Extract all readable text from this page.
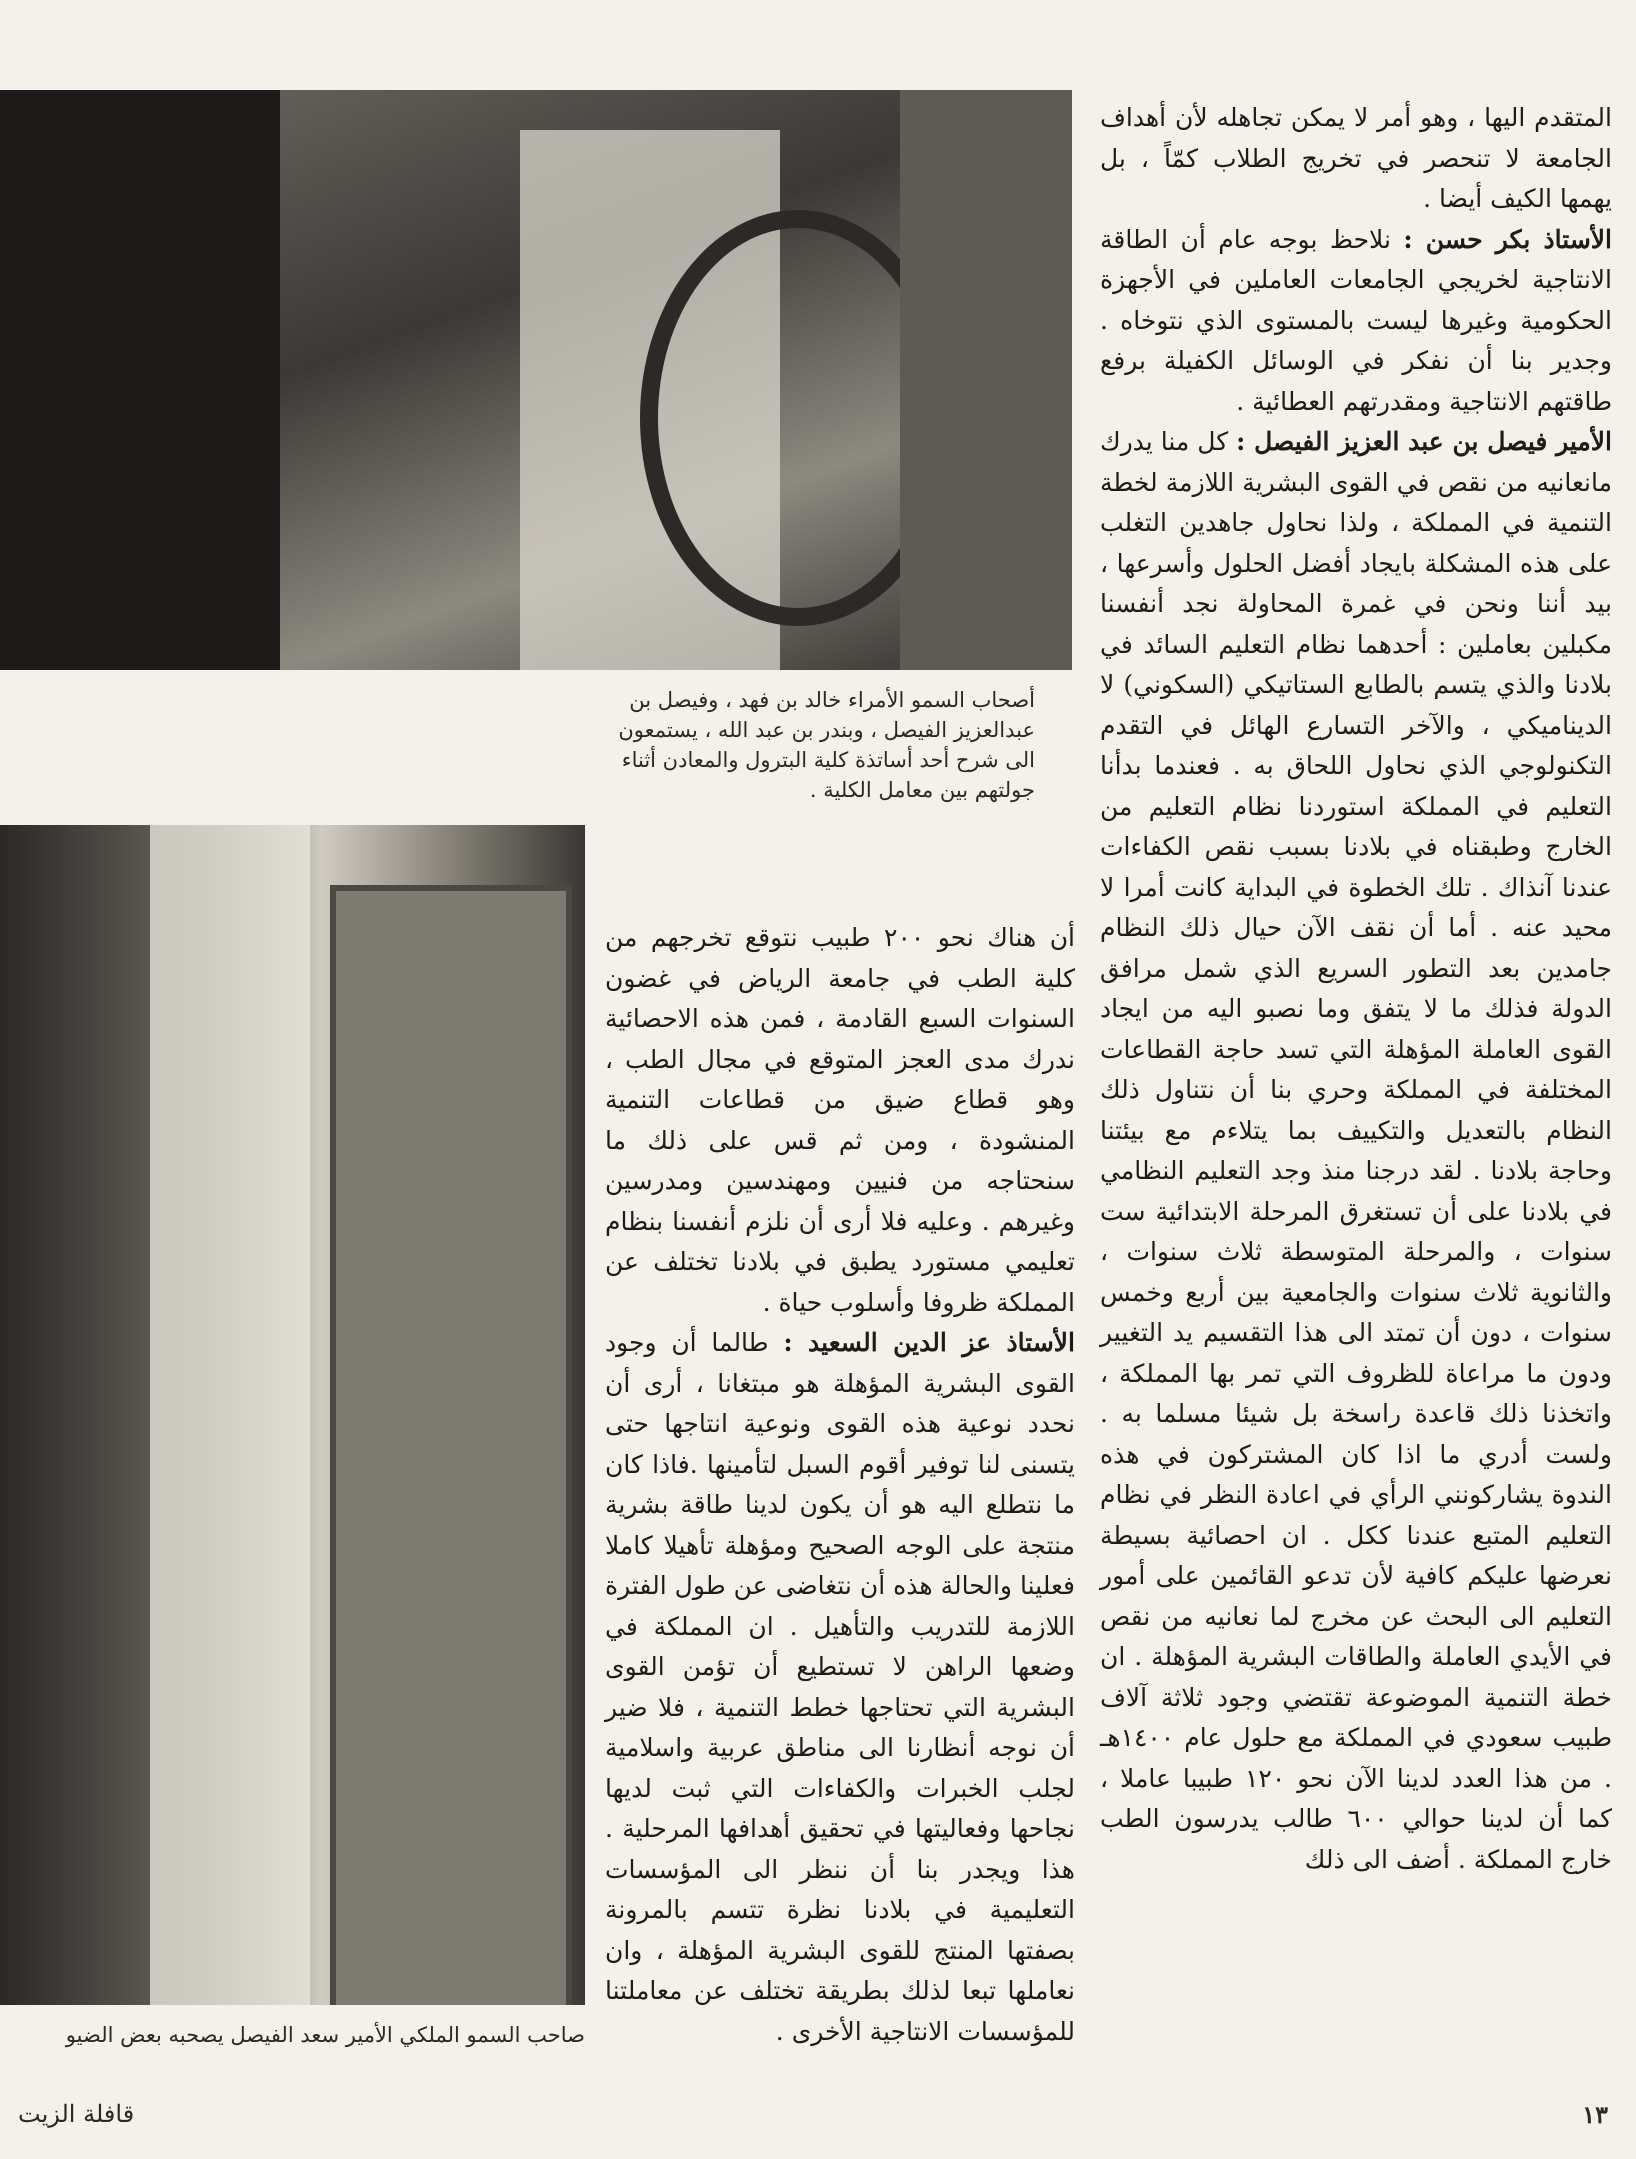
أصحاب السمو الأمراء خالد بن فهد ، وفيصل بن عبدالعزيز الفيصل ، وبندر بن عبد الله ، يستمعون الى شرح أحد أساتذة كلية البترول والمعادن أثناء جولتهم بين معامل الكلية .
صاحب السمو الملكي الأمير سعد الفيصل يصحبه بعض الضيو

المتقدم اليها ، وهو أمر لا يمكن تجاهله لأن أهداف الجامعة لا تنحصر في تخريج الطلاب كمّاً ، بل يهمها الكيف أيضا .

الأستاذ بكر حسن : نلاحظ بوجه عام أن الطاقة الانتاجية لخريجي الجامعات العاملين في الأجهزة الحكومية وغيرها ليست بالمستوى الذي نتوخاه . وجدير بنا أن نفكر في الوسائل الكفيلة برفع طاقتهم الانتاجية ومقدرتهم العطائية .

الأمير فيصل بن عبد العزيز الفيصل : كل منا يدرك مانعانيه من نقص في القوى البشرية اللازمة لخطة التنمية في المملكة ، ولذا نحاول جاهدين التغلب على هذه المشكلة بايجاد أفضل الحلول وأسرعها ، بيد أننا ونحن في غمرة المحاولة نجد أنفسنا مكبلين بعاملين : أحدهما نظام التعليم السائد في بلادنا والذي يتسم بالطابع الستاتيكي (السكوني) لا الديناميكي ، والآخر التسارع الهائل في التقدم التكنولوجي الذي نحاول اللحاق به . فعندما بدأنا التعليم في المملكة استوردنا نظام التعليم من الخارج وطبقناه في بلادنا بسبب نقص الكفاءات عندنا آنذاك . تلك الخطوة في البداية كانت أمرا لا محيد عنه . أما أن نقف الآن حيال ذلك النظام جامدين بعد التطور السريع الذي شمل مرافق الدولة فذلك ما لا يتفق وما نصبو اليه من ايجاد القوى العاملة المؤهلة التي تسد حاجة القطاعات المختلفة في المملكة وحري بنا أن نتناول ذلك النظام بالتعديل والتكييف بما يتلاءم مع بيئتنا وحاجة بلادنا . لقد درجنا منذ وجد التعليم النظامي في بلادنا على أن تستغرق المرحلة الابتدائية ست سنوات ، والمرحلة المتوسطة ثلاث سنوات ، والثانوية ثلاث سنوات والجامعية بين أربع وخمس سنوات ، دون أن تمتد الى هذا التقسيم يد التغيير ودون ما مراعاة للظروف التي تمر بها المملكة ، واتخذنا ذلك قاعدة راسخة بل شيئا مسلما به . ولست أدري ما اذا كان المشتركون في هذه الندوة يشاركونني الرأي في اعادة النظر في نظام التعليم المتبع عندنا ككل . ان احصائية بسيطة نعرضها عليكم كافية لأن تدعو القائمين على أمور التعليم الى البحث عن مخرج لما نعانيه من نقص في الأيدي العاملة والطاقات البشرية المؤهلة . ان خطة التنمية الموضوعة تقتضي وجود ثلاثة آلاف طبيب سعودي في المملكة مع حلول عام ١٤٠٠هـ . من هذا العدد لدينا الآن نحو ١٢٠ طبيبا عاملا ، كما أن لدينا حوالي ٦٠٠ طالب يدرسون الطب خارج المملكة . أضف الى ذلك

أن هناك نحو ٢٠٠ طبيب نتوقع تخرجهم من كلية الطب في جامعة الرياض في غضون السنوات السبع القادمة ، فمن هذه الاحصائية ندرك مدى العجز المتوقع في مجال الطب ، وهو قطاع ضيق من قطاعات التنمية المنشودة ، ومن ثم قس على ذلك ما سنحتاجه من فنيين ومهندسين ومدرسين وغيرهم . وعليه فلا أرى أن نلزم أنفسنا بنظام تعليمي مستورد يطبق في بلادنا تختلف عن المملكة ظروفا وأسلوب حياة .

الأستاذ عز الدين السعيد : طالما أن وجود القوى البشرية المؤهلة هو مبتغانا ، أرى أن نحدد نوعية هذه القوى ونوعية انتاجها حتى يتسنى لنا توفير أقوم السبل لتأمينها .فاذا كان ما نتطلع اليه هو أن يكون لدينا طاقة بشرية منتجة على الوجه الصحيح ومؤهلة تأهيلا كاملا فعلينا والحالة هذه أن نتغاضى عن طول الفترة اللازمة للتدريب والتأهيل . ان المملكة في وضعها الراهن لا تستطيع أن تؤمن القوى البشرية التي تحتاجها خطط التنمية ، فلا ضير أن نوجه أنظارنا الى مناطق عربية واسلامية لجلب الخبرات والكفاءات التي ثبت لديها نجاحها وفعاليتها في تحقيق أهدافها المرحلية . هذا ويجدر بنا أن ننظر الى المؤسسات التعليمية في بلادنا نظرة تتسم بالمرونة بصفتها المنتج للقوى البشرية المؤهلة ، وان نعاملها تبعا لذلك بطريقة تختلف عن معاملتنا للمؤسسات الانتاجية الأخرى .

١٣
قافلة الزيت
